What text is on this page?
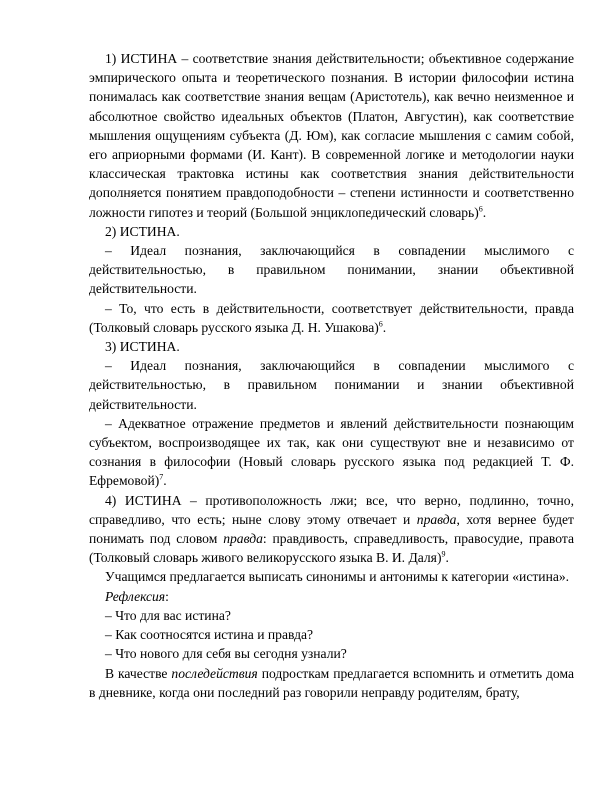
1) ИСТИНА – соответствие знания действительности; объективное содержание эмпирического опыта и теоретического познания. В истории философии истина понималась как соответствие знания вещам (Аристотель), как вечно неизменное и абсолютное свойство идеальных объектов (Платон, Августин), как соответствие мышления ощущениям субъекта (Д. Юм), как согласие мышления с самим собой, его априорными формами (И. Кант). В современной логике и методологии науки классическая трактовка истины как соответствия знания действительности дополняется понятием правдоподобности – степени истинности и соответственно ложности гипотез и теорий (Большой энциклопедический словарь)$^6$.

2) ИСТИНА.

– Идеал познания, заключающийся в совпадении мыслимого с действительностью, в правильном понимании, знании объективной действительности.

– То, что есть в действительности, соответствует действительности, правда (Толковый словарь русского языка Д. Н. Ушакова)$^6$.

3) ИСТИНА.

– Идеал познания, заключающийся в совпадении мыслимого с действительностью, в правильном понимании и знании объективной действительности.

– Адекватное отражение предметов и явлений действительности познающим субъектом, воспроизводящее их так, как они существуют вне и независимо от сознания в философии (Новый словарь русского языка под редакцией Т. Ф. Ефремовой)$^7$.

4) ИСТИНА – противоположность лжи; все, что верно, подлинно, точно, справедливо, что есть; ныне слову этому отвечает и правда, хотя вернее будет понимать под словом правда: правдивость, справедливость, правосудие, правота (Толковый словарь живого великорусского языка В. И. Даля)$^9$.

Учащимся предлагается выписать синонимы и антонимы к категории «истина».

Рефлексия:

– Что для вас истина?

– Как соотносятся истина и правда?

– Что нового для себя вы сегодня узнали?

В качестве последействия подросткам предлагается вспомнить и отметить дома в дневнике, когда они последний раз говорили неправду родителям, брату,
